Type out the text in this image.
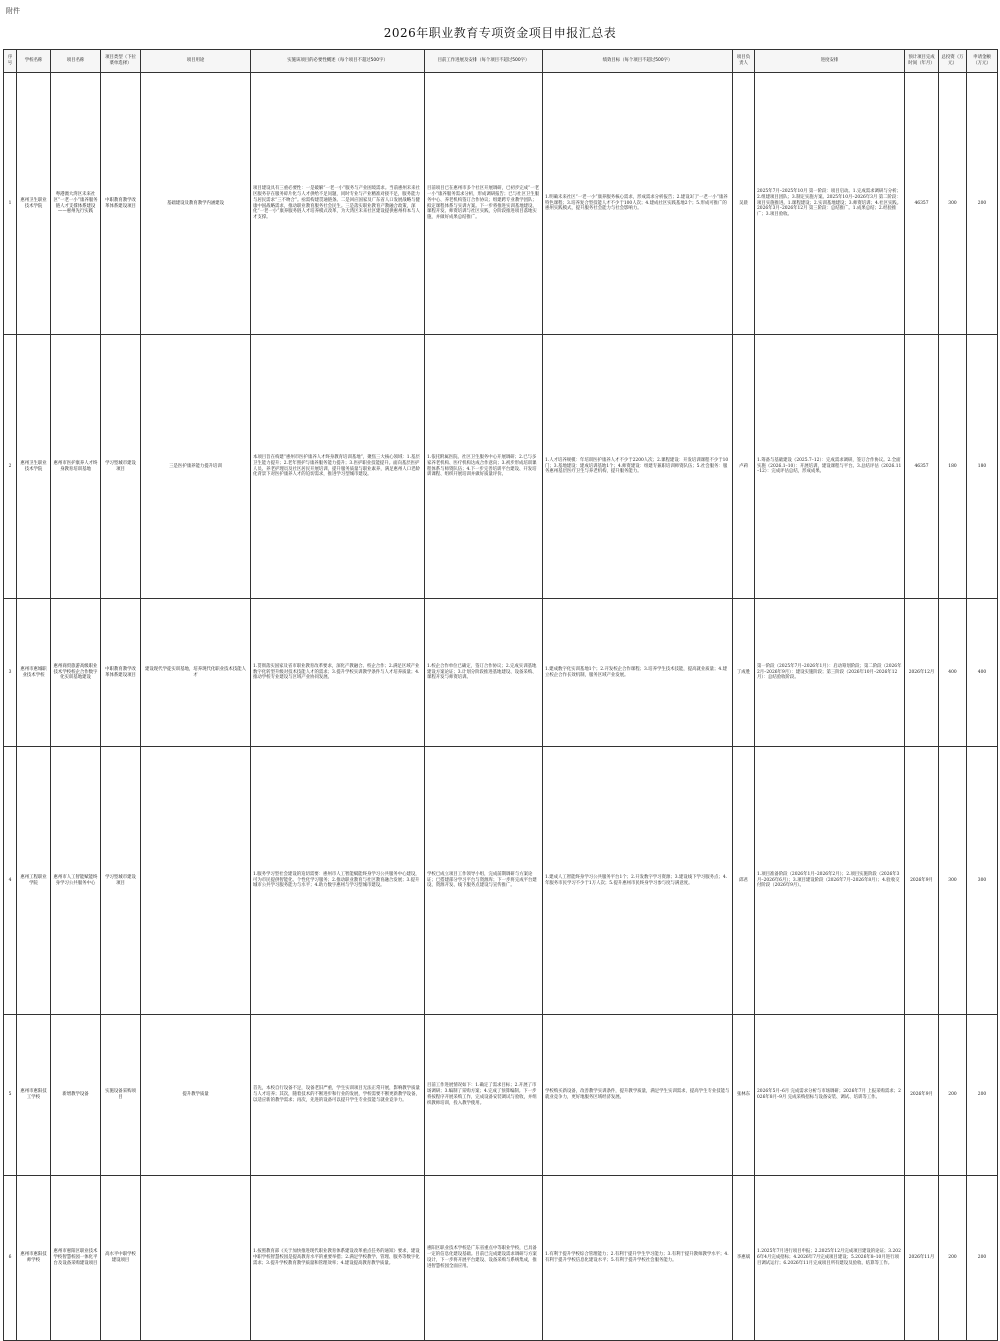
附件
2026年职业教育专项资金项目申报汇总表
序号	学校名称	项目名称	项目类型（下拉菜单选择）	项目用途	实施该项目的必要性概述（每个项目不超过500字）	目前工作进展及安排（每个项目不超过500字）	绩效目标（每个项目不超过500字）	项目负责人	进度安排	预计项目完成时间（年月）	总投资（万元）	申请金额（万元）
1	惠州卫生职业技术学院	粤港澳大湾区未来社区“一老一小”康养服务链人才支撑体系建设——惠州先行实践	中职教育教学改革体系建设项目	基础建设及教育教学内涵建设	项目建设具有三重必要性：一是破解“一老一小”服务与产业困境需求。当前惠州未来社区服务存在服务碎片化与人才供给不足问题，同时专业与产业精准对接不足，服务能力与居民需求“三不吻合”。亟需构建贯通链条。二是回应国家及广东省人口发展战略与健康中国战略需求，推动职业教育服务社会民生。三是落实职业教育产教融合政策，深化“一老一小”康养服务链人才培养模式改革，为大湾区未来社区建设提供惠州样本与人才支撑。	目前项目已在惠州市多个社区开展调研，已初步完成“一老一小”康养服务需求分析，形成调研报告；已与社区卫生服务中心、养老机构签订合作协议；组建跨专业教学团队；拟定课程体系与实训方案。下一步将推进实训基地建设、课程开发、师资培训与社区实践，分阶段推进项目落地实施，并做好成果总结推广。	1.明确未来社区“一老一小”康养服务核心需求，形成需求分析报告；2.建设3门“一老一小”康养特色课程；3.培养复合型技能人才不少于100人次；4.建成社区实践基地2个；5.形成可推广的惠州实践模式，提升服务社会能力与社会影响力。	吴晨	2025年7月–2025年10月 第一阶段：项目启动。1.完成需求调研与分析；2.组建项目团队；3.制定实施方案。2025年10月–2026年3月 第二阶段：项目实施推进。1.课程建设；2.实训基地建设；3.师资培训；4.社区实践。2026年3月–2026年12月 第三阶段：总结推广。1.成果总结；2.经验推广；3.项目验收。	46357	300	200
2	惠州卫生职业技术学院	惠州市医护康养人才终身教育培训基地	学习型城市建设项目	三是医护康养能力提升培训	本项目旨在构建“惠州市医护康养人才终身教育培训基地”，聚焦三大核心领域：1.基层卫生能力提升；2.老年照护与康养服务能力提升；3.医护职业技能提升。面向基层医护人员、养老护理员及社区居民开展培训，提升服务质量与职业素养，满足惠州人口老龄化背景下对医护康养人才的迫切需求，推进学习型城市建设。	1.依托附属医院、社区卫生服务中心开展调研；2.已与多家养老机构、医疗机构达成合作意向；3.初步形成培训课程体系与师资队伍；4.下一步完善培训平台建设、开发培训课程、组织开展培训并做好质量评价。	1.人才培养规模：年培训医护康养人才不少于2200人次；2.课程建设：开发培训课程不少于10门；3.基地建设：建成培训基地1个；4.师资建设：组建专兼职培训师资队伍；5.社会服务：服务惠州基层医疗卫生与养老机构，提升服务能力。	卢莉	1.筹备与基础建设（2025.7–12）：完成需求调研，签订合作协议。2.全面实施（2026.1–10）：开展培训，建设课程与平台。3.总结评估（2026.11–12）：完成评估总结，形成成果。	46357	180	180
3	惠州市惠城职业技术学校	惠州商贸旅游高级职业技术学校校企合作数字化实训基地建设	中职教育教学改革体系建设项目	建设现代学徒实训基地，培养现代化职业技术技能人才	1.贯彻落实国家及省市职业教育改革要求，深化产教融合、校企合作；2.满足区域产业数字化转型升级对技术技能人才的需求；3.提升学校实训教学条件与人才培养质量；4.推动学校专业建设与区域产业协同发展。	1.校企合作单位已确定，签订合作协议；2.完成实训基地建设方案论证；3.计划分阶段推进基地建设、设备采购、课程开发与师资培训。	1.建成数字化实训基地1个；2.开发校企合作课程；3.培养学生技术技能，提高就业质量；4.建立校企合作长效机制，服务区域产业发展。	丁成胜	第一阶段（2025年7月–2026年1月）：启动筹划阶段；第二阶段（2026年2月–2026年9月）：建设实施阶段；第三阶段（2026年10月–2026年12月）：总结验收阶段。	2026年12月	400	400
4	惠州工程职业学院	惠州市人工智能赋能终身学习公共服务中心	学习型城市建设项目		1.服务学习型社会建设的迫切需要：惠州市人工智能赋能终身学习公共服务中心建设，可为市民提供智能化、个性化学习服务；2.推动职业教育与社区教育融合发展；3.提升城市公共学习服务能力与水平；4.助力数字惠州与学习型城市建设。	学校已成立项目工作领导小组，完成前期调研与方案论证；已搭建部分学习平台与资源库；下一步将完成平台建设、资源开发、线下服务点建设与宣传推广。	1.建成人工智能终身学习公共服务平台1个；2.开发数字学习资源；3.建设线下学习服务点；4.年服务市民学习不少于1万人次；5.提升惠州市民终身学习参与度与满意度。	邱君	1.项目准备阶段（2026年1月–2026年2月）；2.项目实施阶段（2026年3月–2026年6月）；3.项目建设阶段（2026年7月–2026年8月）；4.验收交付阶段（2026年9月）。	2026年9月	300	300
5	惠州市惠阳技工学校	新增教学设备	实施设备采购项目	提升教学质量	首先，本校自行设备不足，设备老旧严重，学生实训项目无法正常开展，影响教学质量与人才培养；其次，随着技术的不断进步和行业的发展，学校需要不断更新教学设备，以适应新的教学需求；再次，先进的设备可以提升学生专业技能与就业竞争力。	目前工作进展情况如下：1.确定了需求目标；2.开展了市场调研；3.编制了采购方案；4.完成了预算编制。下一步将按程序开展采购工作，完成设备安装调试与验收，并组织教师培训，投入教学使用。	学校购买新设备，改善教学实训条件，提升教学质量，满足学生实训需求，提高学生专业技能与就业竞争力，更好地服务区域经济发展。	张林东	2026年5月–6月 完成需求分析与市场调研；2026年7月 上报采购需求；2026年8月–9月 完成采购招标与设备安装、调试、培训等工作。	2026年9月	200	200
6	惠州市惠阳技师学校	惠州市惠阳区职业技术学校智慧校园一体化平台及设备采购建设项目	高水平中职学校建设项目		1.按照教育部《关于加快推进现代职业教育体系建设改革重点任务的通知》要求，建设中职学校智慧校园是提高教育水平的重要举措；2.满足学校教学、管理、服务等数字化需求；3.提升学校教育教学质量和管理效率；4.建设提高教育教学质量。	惠阳区职业技术学校是广东省重点中等职业学校，已具备一定的信息化建设基础。目前已完成建设需求调研与方案设计，下一步将开展平台建设、设备采购与系统集成，推进智慧校园全面应用。	1.有利于提升学校综合管理能力；2.有利于提升学生学习能力；3.有利于提升教师教学水平；4.有利于提升学校信息化建设水平；5.有利于提升学校社会服务能力。	李惠斌	1.2025年7月进行项目申报；2.2025年12月完成项目建设的论证；3.2026年4月完成招标；4.2026年7月完成项目建设；5.2026年8–10月进行项目调试运行；6.2026年11月完成项目所有建设及验收、结算等工作。	2026年11月	200	200
